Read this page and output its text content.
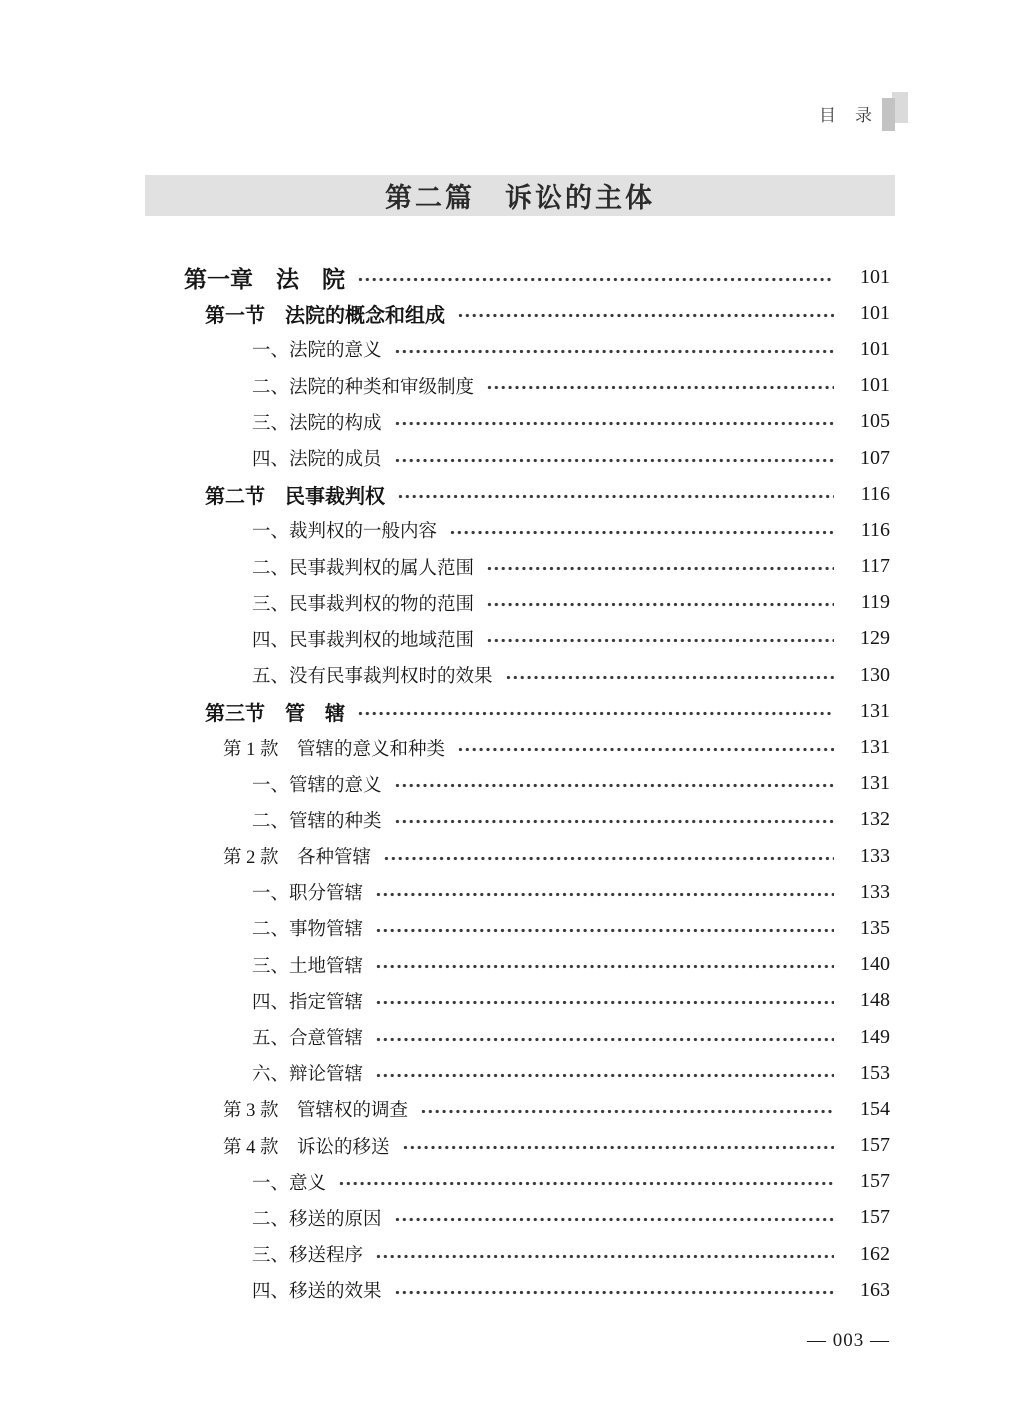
目　录
第二篇　诉讼的主体
第一章　法　院	101
第一节　法院的概念和组成	101
一、法院的意义	101
二、法院的种类和审级制度	101
三、法院的构成	105
四、法院的成员	107
第二节　民事裁判权	116
一、裁判权的一般内容	116
二、民事裁判权的属人范围	117
三、民事裁判权的物的范围	119
四、民事裁判权的地域范围	129
五、没有民事裁判权时的效果	130
第三节　管　辖	131
第 1 款　管辖的意义和种类	131
一、管辖的意义	131
二、管辖的种类	132
第 2 款　各种管辖	133
一、职分管辖	133
二、事物管辖	135
三、土地管辖	140
四、指定管辖	148
五、合意管辖	149
六、辩论管辖	153
第 3 款　管辖权的调查	154
第 4 款　诉讼的移送	157
一、意义	157
二、移送的原因	157
三、移送程序	162
四、移送的效果	163
— 003 —
